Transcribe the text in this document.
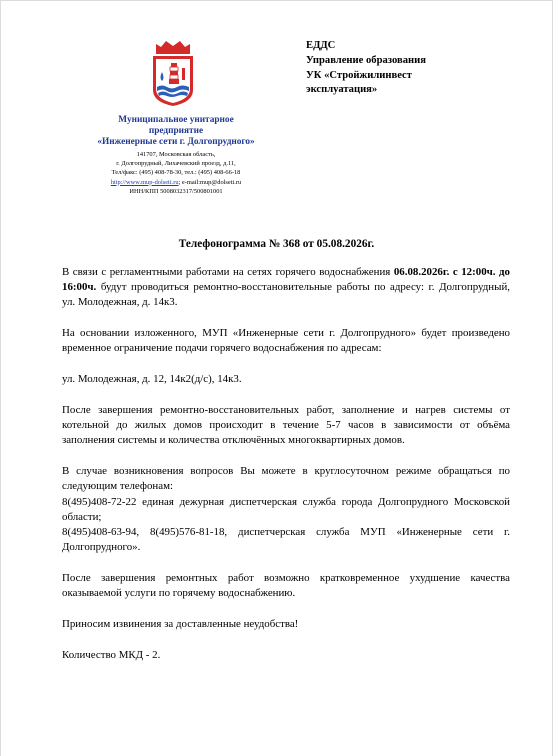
Муниципальное унитарное
предприятие
«Инженерные сети г. Долгопрудного»
141707, Московская область,
г. Долгопрудный, Лихачевский проезд, д.11,
Тел/факс: (495) 408-78-30, тел.: (495) 408-66-18
http://www.mup-dolseti.ru; e-mail:mup@dolseti.ru
ИНН/КПП 5008032317/500801001
ЕДДС
Управление образования
УК «Стройжилинвест
эксплуатация»
Телефонограмма № 368 от 05.08.2026г.

В связи с регламентными работами на сетях горячего водоснабжения 06.08.2026г. с 12:00ч. до 16:00ч. будут проводиться ремонтно-восстановительные работы по адресу: г. Долгопрудный, ул. Молодежная, д. 14к3.

На основании изложенного, МУП «Инженерные сети г. Долгопрудного» будет произведено временное ограничение подачи горячего водоснабжения по адресам:

ул. Молодежная, д. 12, 14к2(д/с), 14к3.

После завершения ремонтно-восстановительных работ, заполнение и нагрев системы от котельной до жилых домов происходит в течение 5-7 часов в зависимости от объёма заполнения системы и количества отключённых многоквартирных домов.

В случае возникновения вопросов Вы можете в круглосуточном режиме обращаться по следующим телефонам:
8(495)408-72-22 единая дежурная диспетчерская служба города Долгопрудного Московской области;
8(495)408-63-94, 8(495)576-81-18, диспетчерская служба МУП «Инженерные сети г. Долгопрудного».

После завершения ремонтных работ возможно кратковременное ухудшение качества оказываемой услуги по горячему водоснабжению.

Приносим извинения за доставленные неудобства!

Количество МКД - 2.
